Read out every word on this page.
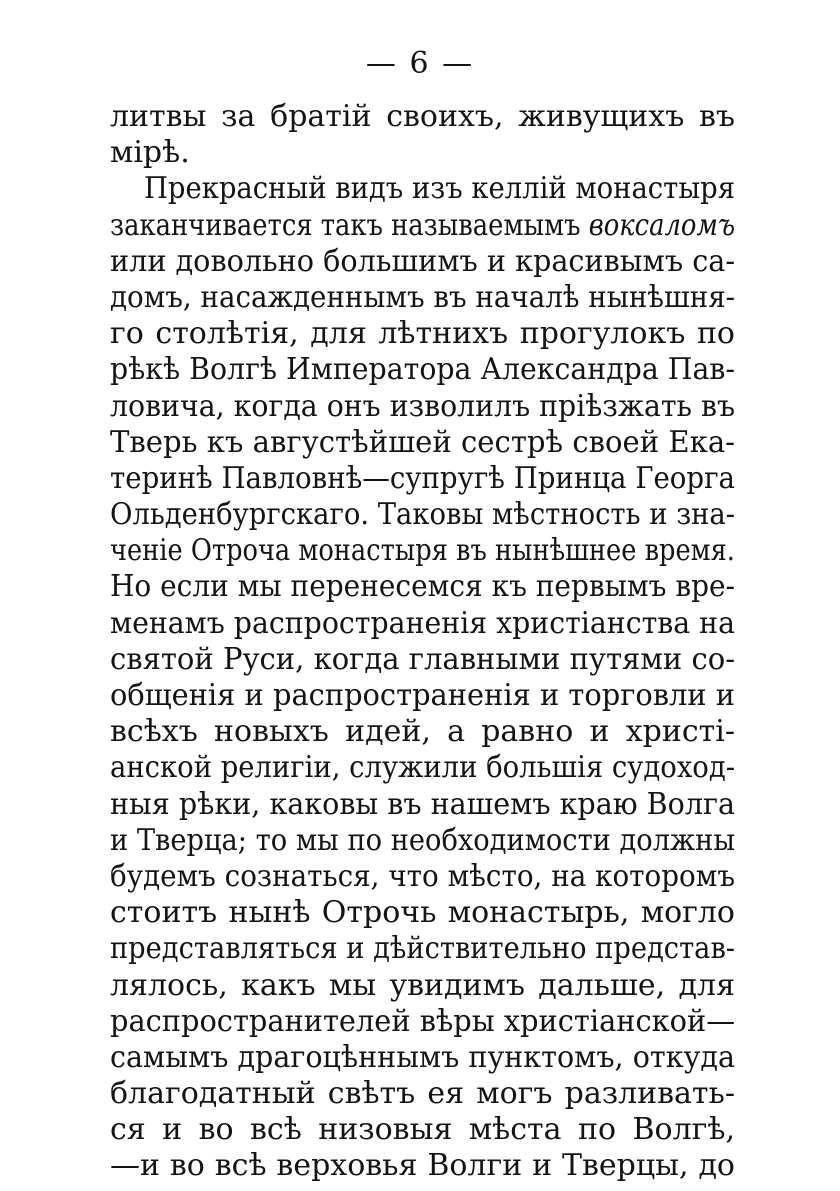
— 6 —
литвы за братій своихъ, живущихъ въ
мірѣ.
Прекрасный видъ изъ келлій монастыря
заканчивается такъ называемымъ воксаломъ
или довольно большимъ и красивымъ са-
домъ, насажденнымъ въ началѣ нынѣшня-
го столѣтія, для лѣтнихъ прогулокъ по
рѣкѣ Волгѣ Императора Александра Пав-
ловича, когда онъ изволилъ пріѣзжать въ
Тверь къ августѣйшей сестрѣ своей Ека-
теринѣ Павловнѣ—супругѣ Принца Георга
Ольденбургскаго. Таковы мѣстность и зна-
ченіе Отроча монастыря въ нынѣшнее время.
Но если мы перенесемся къ первымъ вре-
менамъ распространенія христіанства на
святой Руси, когда главными путями со-
общенія и распространенія и торговли и
всѣхъ новыхъ идей, а равно и христі-
анской религіи, служили большія судоход-
ныя рѣки, каковы въ нашемъ краю Волга
и Тверца; то мы по необходимости должны
будемъ сознаться, что мѣсто, на которомъ
стоитъ нынѣ Отрочь монастырь, могло
представляться и дѣйствительно представ-
лялось, какъ мы увидимъ дальше, для
распространителей вѣры христіанской—
самымъ драгоцѣннымъ пунктомъ, откуда
благодатный свѣтъ ея могъ разливать-
ся и во всѣ низовыя мѣста по Волгѣ,
—и во всѣ верховья Волги и Тверцы, до
